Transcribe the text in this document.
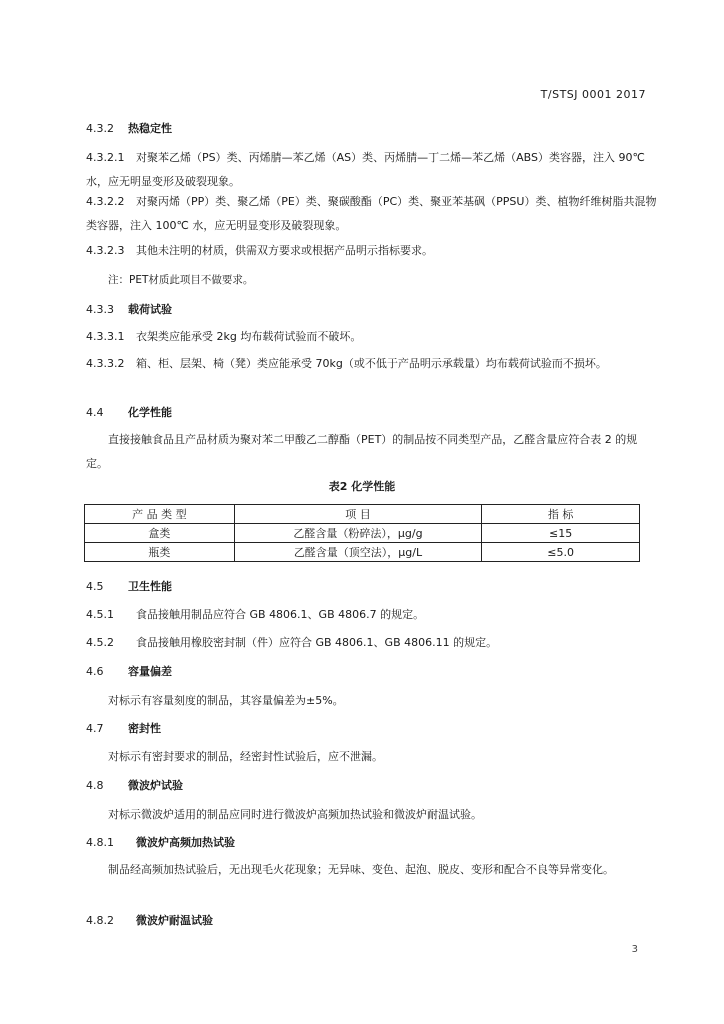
T/STSJ 0001 2017
4.3.2 热稳定性
4.3.2.1 对聚苯乙烯（PS）类、丙烯腈—苯乙烯（AS）类、丙烯腈—丁二烯—苯乙烯（ABS）类容器，注入 90℃ 水，应无明显变形及破裂现象。
4.3.2.2 对聚丙烯（PP）类、聚乙烯（PE）类、聚碳酸酯（PC）类、聚亚苯基砜（PPSU）类、植物纤维树脂共混物类容器，注入 100℃ 水，应无明显变形及破裂现象。
4.3.2.3 其他未注明的材质，供需双方要求或根据产品明示指标要求。
注：PET材质此项目不做要求。
4.3.3 载荷试验
4.3.3.1 衣架类应能承受 2kg 均布载荷试验而不破坏。
4.3.3.2 箱、柜、层架、椅（凳）类应能承受 70kg（或不低于产品明示承载量）均布载荷试验而不损坏。
4.4 化学性能
直接接触食品且产品材质为聚对苯二甲酸乙二醇酯（PET）的制品按不同类型产品，乙醛含量应符合表 2 的规定。
表2 化学性能
产 品 类 型	项 目	指 标
盒类	乙醛含量（粉碎法），μg/g	≤15
瓶类	乙醛含量（顶空法），μg/L	≤5.0
4.5 卫生性能
4.5.1 食品接触用制品应符合 GB 4806.1、GB 4806.7 的规定。
4.5.2 食品接触用橡胶密封制（件）应符合 GB 4806.1、GB 4806.11 的规定。
4.6 容量偏差
对标示有容量刻度的制品，其容量偏差为±5%。
4.7 密封性
对标示有密封要求的制品，经密封性试验后，应不泄漏。
4.8 微波炉试验
对标示微波炉适用的制品应同时进行微波炉高频加热试验和微波炉耐温试验。
4.8.1 微波炉高频加热试验
制品经高频加热试验后，无出现毛火花现象；无异味、变色、起泡、脱皮、变形和配合不良等异常变化。
4.8.2 微波炉耐温试验
3
